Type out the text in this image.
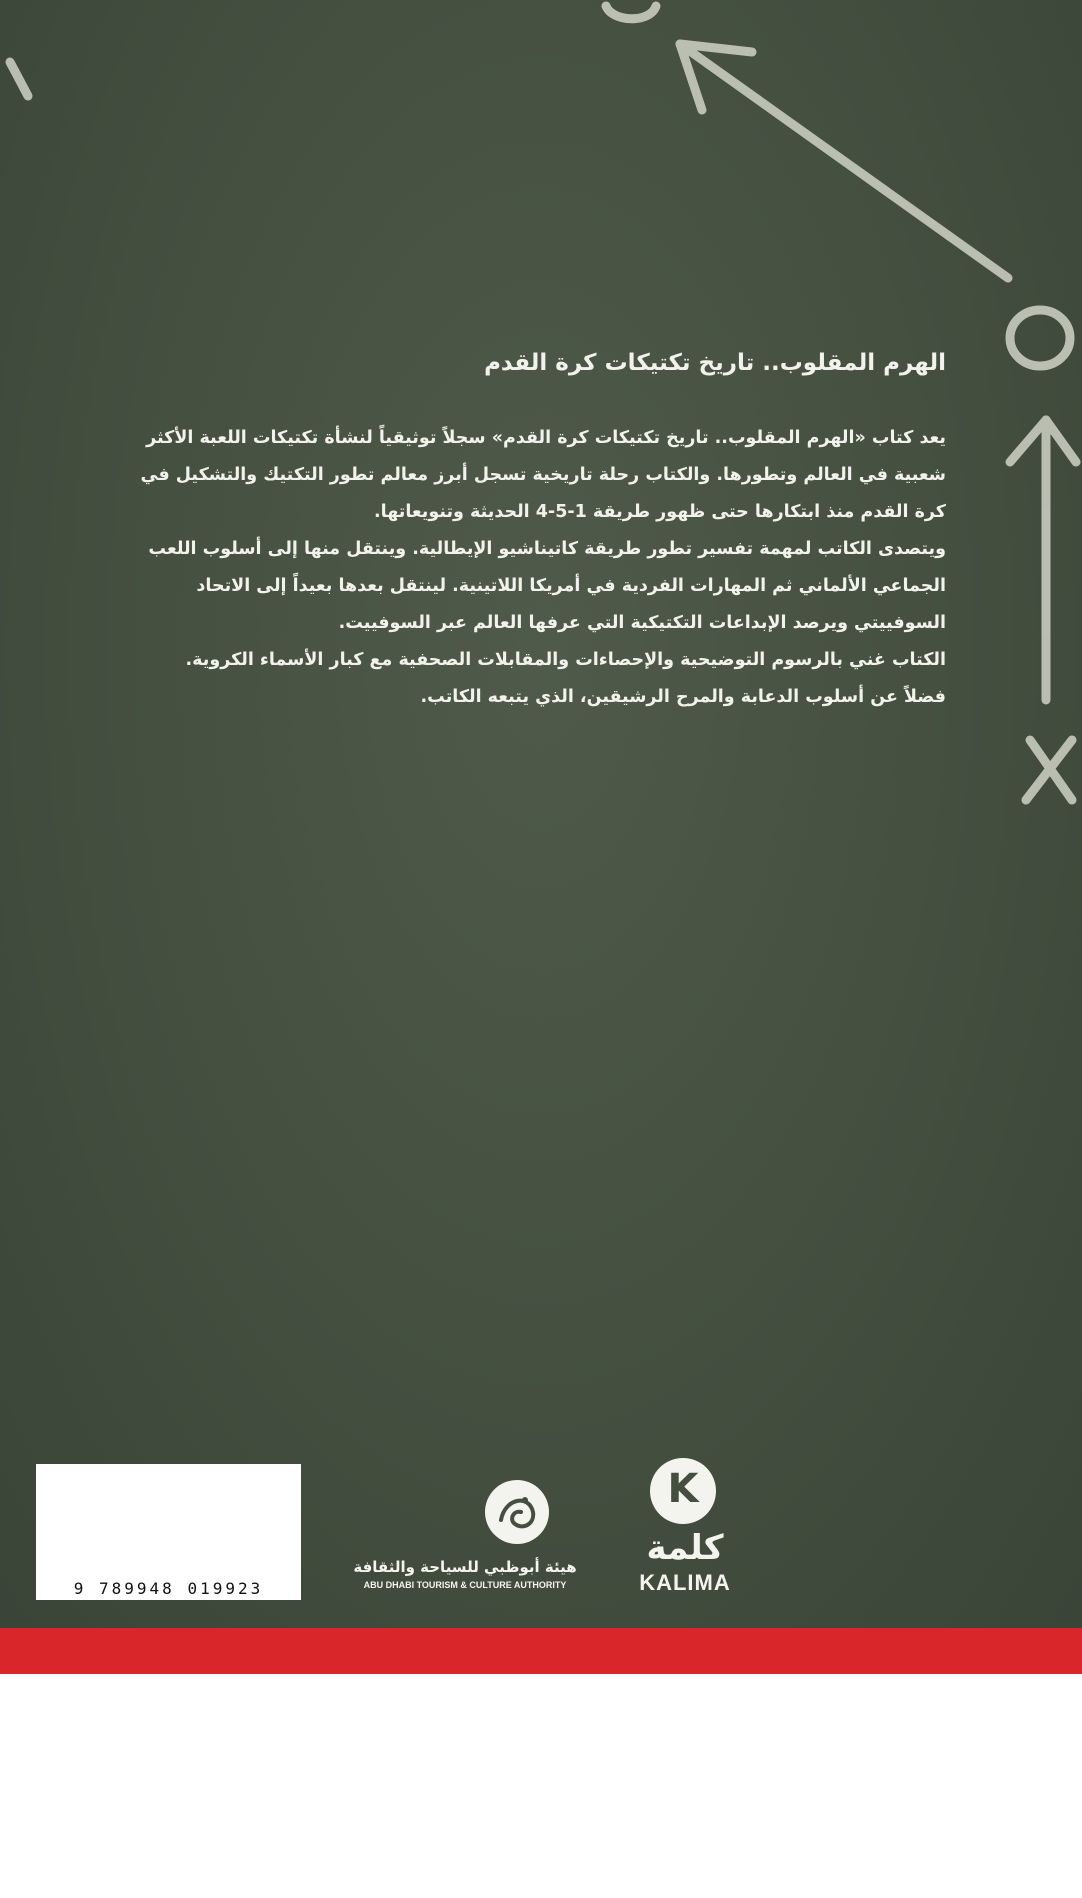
الهرم المقلوب.. تاريخ تكتيكات كرة القدم

يعد كتاب «الهرم المقلوب.. تاريخ تكتيكات كرة القدم» سجلاً توثيقياً لنشأة تكتيكات اللعبة الأكثر
شعبية في العالم وتطورها. والكتاب رحلة تاريخية تسجل أبرز معالم تطور التكتيك والتشكيل في
كرة القدم منذ ابتكارها حتى ظهور طريقة 1-5-4 الحديثة وتنويعاتها.

ويتصدى الكاتب لمهمة تفسير تطور طريقة كاتيناشيو الإيطالية. وينتقل منها إلى أسلوب اللعب
الجماعي الألماني ثم المهارات الفردية في أمريكا اللاتينية. لينتقل بعدها بعيداً إلى الاتحاد
السوفييتي ويرصد الإبداعات التكتيكية التي عرفها العالم عبر السوفييت.

الكتاب غني بالرسوم التوضيحية والإحصاءات والمقابلات الصحفية مع كبار الأسماء الكروية.
فضلاً عن أسلوب الدعابة والمرح الرشيقين، الذي يتبعه الكاتب.

9 789948 019923
هيئة أبوظبي للسياحة والثقافة
ABU DHABI TOURISM & CULTURE AUTHORITY
K
كلمة
KALIMA
